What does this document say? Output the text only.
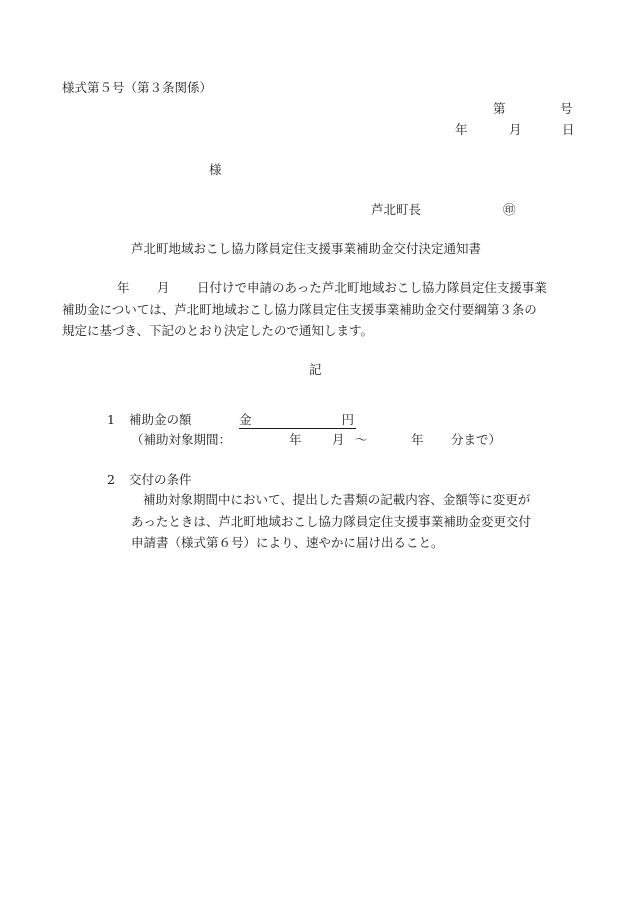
様式第５号（第３条関係）
第	号
年	月	日
様
芦北町長	㊞
芦北町地域おこし協力隊員定住支援事業補助金交付決定通知書
年 月 日付けで申請のあった芦北町地域おこし協力隊員定住支援事業
補助金については、芦北町地域おこし協力隊員定住支援事業補助金交付要綱第３条の
規定に基づき、下記のとおり決定したので通知します。
記
1 補助金の額	金	円
（補助対象期間：	年 月 ～	年 分まで）
2 交付の条件
補助対象期間中において、提出した書類の記載内容、金額等に変更が
あったときは、芦北町地域おこし協力隊員定住支援事業補助金変更交付
申請書（様式第６号）により、速やかに届け出ること。
